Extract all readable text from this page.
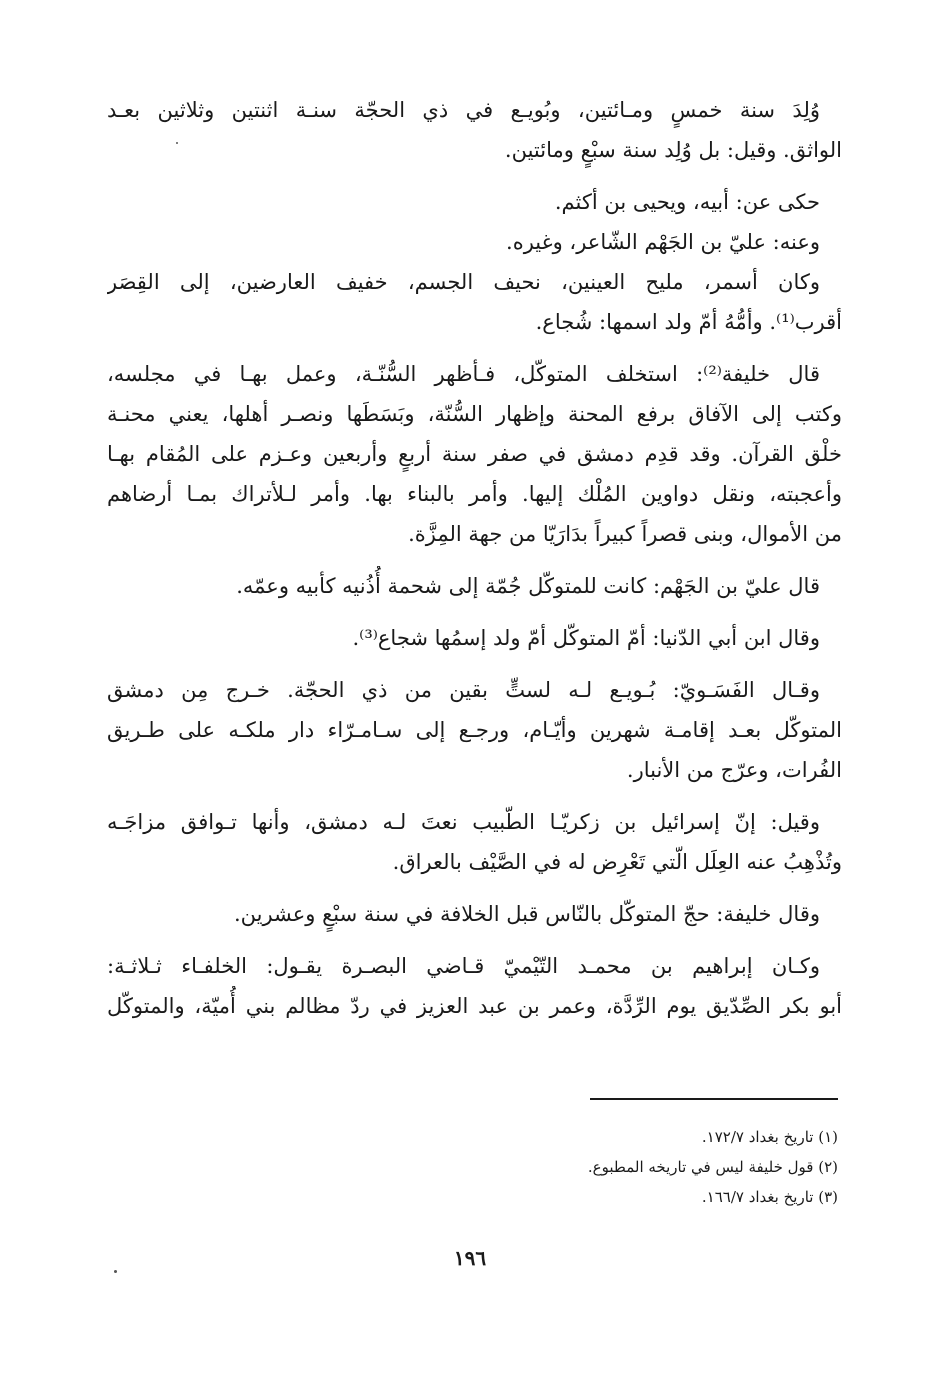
وُلِدَ سنة خمسٍ ومـائتين، وبُويـع في ذي الحجّة سنـة اثنتين وثلاثين بعـد
الواثق. وقيل: بل وُلِد سنة سبْعٍ ومائتين.

حكى عن: أبيه، ويحيى بن أكثم.

وعنه: عليّ بن الجَهْم الشّاعر، وغيره.

وكان أسمر، مليح العينين، نحيف الجسم، خفيف العارضين، إلى القِصَر
أقرب⁽¹⁾. وأمُّهُ أمّ ولد اسمها: شُجاع.

قال خليفة⁽²⁾: استخلف المتوكّل، فـأظهر السُّنّـة، وعمل بهـا في مجلسه،
وكتب إلى الآفاق برفع المحنة وإظهار السُّنّة، وبَسَطَها ونصـر أهلها، يعني محنـة
خلْق القرآن. وقد قدِم دمشق في صفر سنة أربعٍ وأربعين وعـزم على المُقام بهـا
وأعجبته، ونقل دواوين المُلْك إليها. وأمر بالبناء بها. وأمر لـلأتراك بمـا أرضاهم
من الأموال، وبنى قصراً كبيراً بدَارَيّا من جهة المِزَّة.

قال عليّ بن الجَهْم: كانت للمتوكّل جُمّة إلى شحمة أُذُنيه كأبيه وعمّه.

وقال ابن أبي الدّنيا: أمّ المتوكّل أمّ ولد إسمُها شجاع⁽³⁾.

وقـال الفَسَـويّ: بُـويـع لـه لستٍّ بقين من ذي الحجّة. خـرج مِن دمشق
المتوكّل بعـد إقامـة شهرين وأيّـام، ورجـع إلى سـامـرّاء دار ملكـه على طـريق
الفُرات، وعرّج من الأنبار.

وقيل: إنّ إسرائيل بن زكريّـا الطّبيب نعتَ لـه دمشق، وأنها تـوافق مزاجَـه
وتُذْهِبُ عنه العِلَل الّتي تَعْرِض له في الصَّيْف بالعراق.

وقال خليفة: حجّ المتوكّل بالنّاس قبل الخلافة في سنة سبْعٍ وعشرين.

وكـان إبراهيم بن محمـد التّيْميّ قـاضي البصـرة يقـول: الخلفـاء ثـلاثـة:
أبو بكر الصِّدّيق يوم الرِّدَّة، وعمر بن عبد العزيز في ردّ مظالم بني أُميّة، والمتوكّل

(١) تاريخ بغداد ١٧٢/٧.
(٢) قول خليفة ليس في تاريخه المطبوع.
(٣) تاريخ بغداد ١٦٦/٧.
١٩٦
